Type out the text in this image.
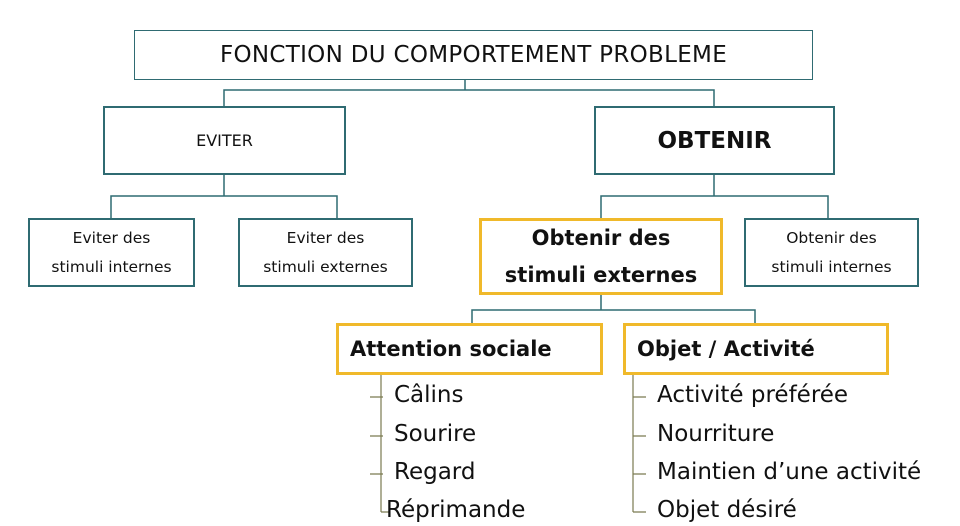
FONCTION DU COMPORTEMENT PROBLEME
EVITER	OBTENIR
Eviter des
stimuli internes
Eviter des
stimuli externes
Obtenir des
stimuli externes
Obtenir des
stimuli internes
Attention sociale	Objet / Activité
Câlins
Sourire
Regard
Réprimande
Activité préférée
Nourriture
Maintien d’une activité
Objet désiré
